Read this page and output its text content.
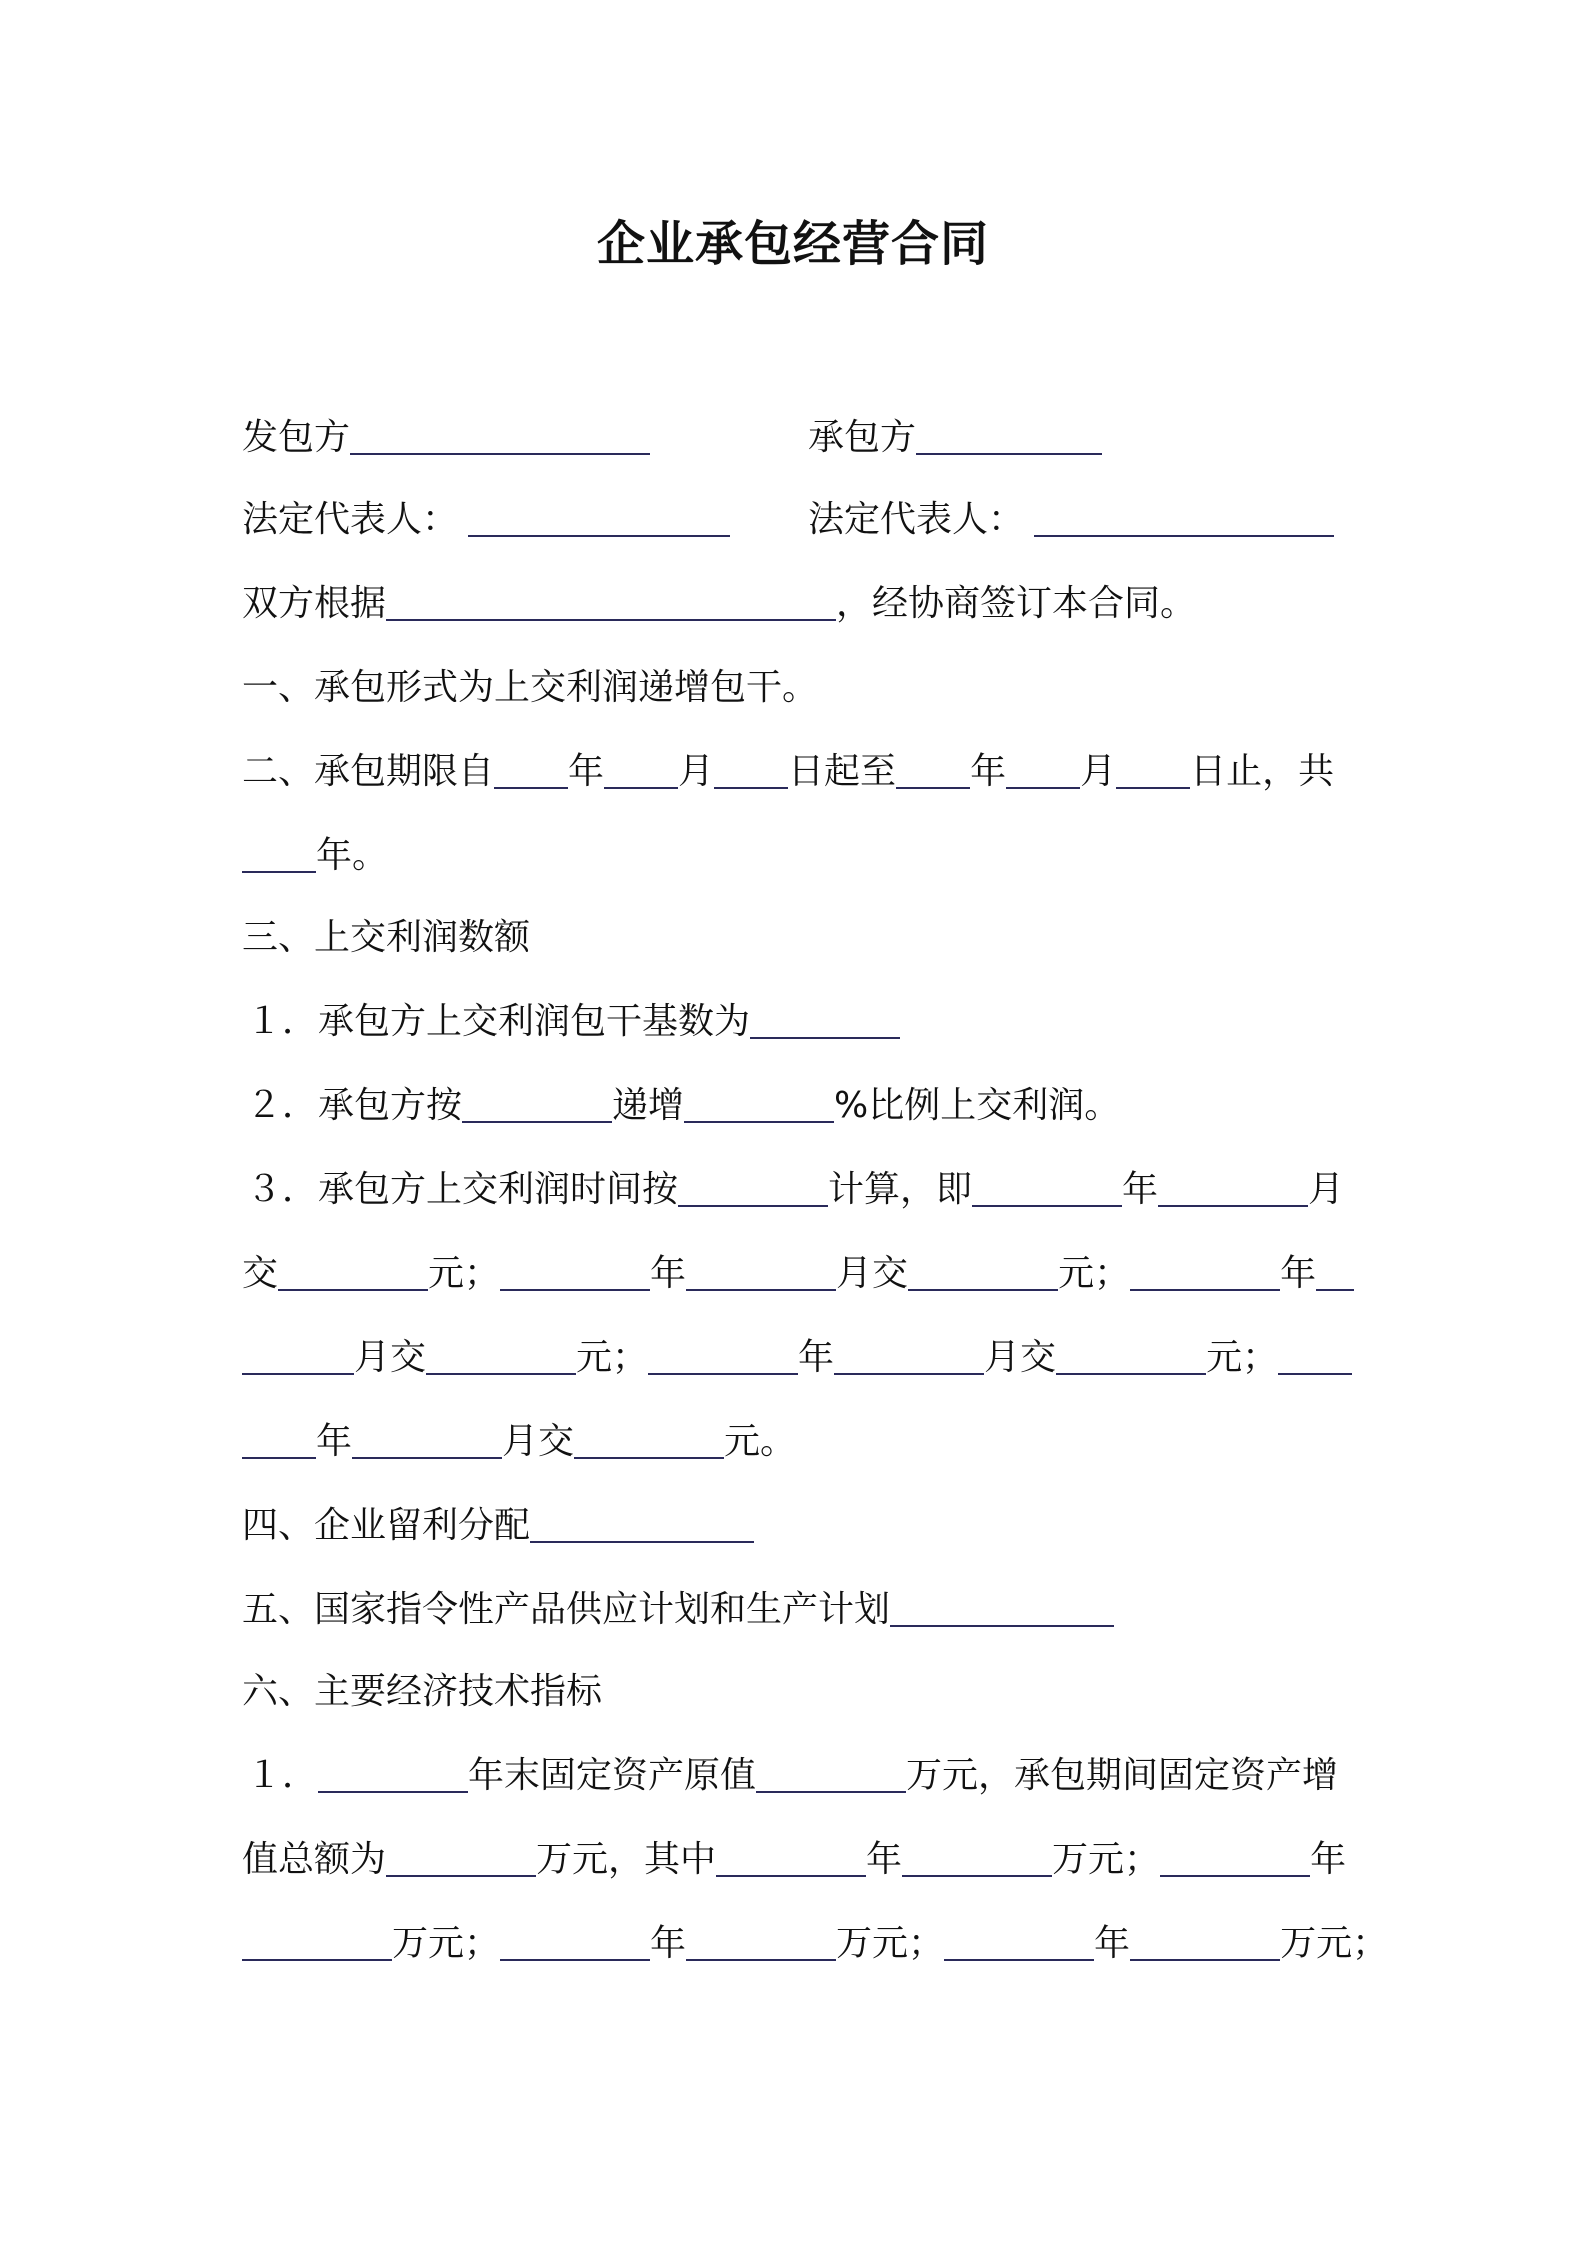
企业承包经营合同
发包方	承包方
法定代表人：	法定代表人：
双方根据	，经协商签订本合同。
一、承包形式为上交利润递增包干。
二、承包期限自 年 月 日起至 年 月 日止，共
年。
三、上交利润数额
１．承包方上交利润包干基数为
２．承包方按	递增	%比例上交利润。
３．承包方上交利润时间按	计算，即	年	月
交	元；	年	月交	元；	年
月交	元；	年	月交	元；
年	月交	元。
四、企业留利分配
五、国家指令性产品供应计划和生产计划
六、主要经济技术指标
１．	年末固定资产原值	万元，承包期间固定资产增
值总额为	万元，其中	年	万元；	年
万元；	年	万元；	年	万元；
